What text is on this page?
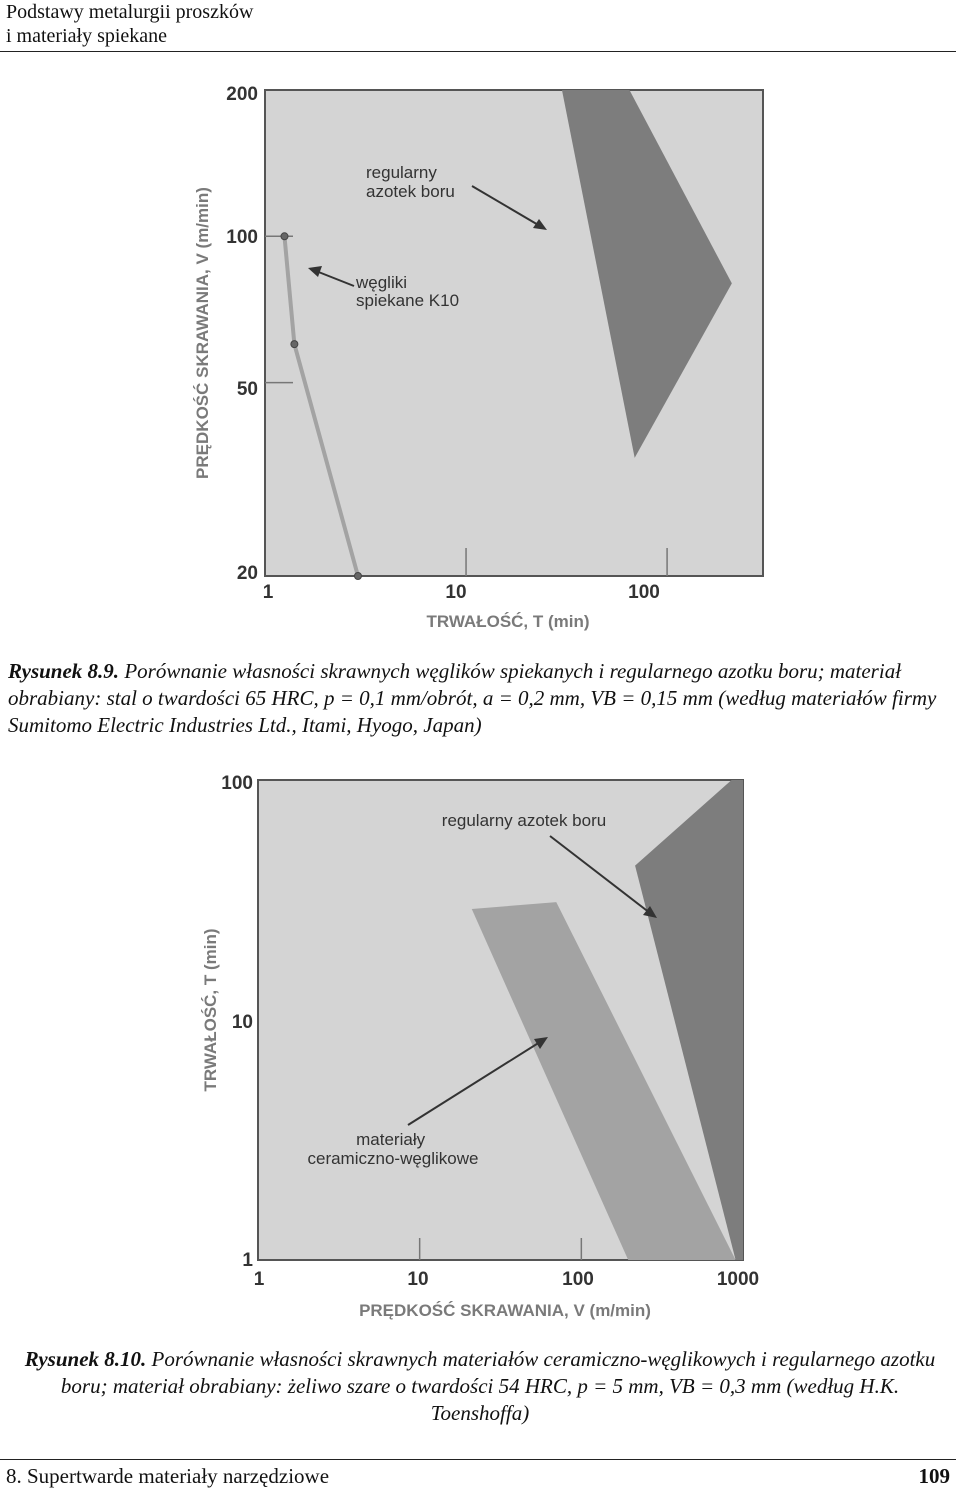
Podstawy metalurgii proszków
i materiały spiekane
200
100
50
20
1	10	100
TRWAŁOŚĆ, T (min)
PRĘDKOŚĆ SKRAWANIA, V (m/min)
regularny azotek boru
węgliki spiekane K10
Rysunek 8.9. Porównanie własności skrawnych węglików spiekanych i regularnego azotku boru; materiał obrabiany: stal o twardości 65 HRC, p = 0,1 mm/obrót, a = 0,2 mm, VB = 0,15 mm (według materiałów firmy Sumitomo Electric Industries Ltd., Itami, Hyogo, Japan)
100
10
1
1	10	100	1000
PRĘDKOŚĆ SKRAWANIA, V (m/min)
TRWAŁOŚĆ, T (min)
regularny azotek boru
materiały ceramiczno-węglikowe
Rysunek 8.10. Porównanie własności skrawnych materiałów ceramiczno-węglikowych i regularnego azotku boru; materiał obrabiany: żeliwo szare o twardości 54 HRC, p = 5 mm, VB = 0,3 mm (według H.K. Toenshoffa)
8. Supertwarde materiały narzędziowe	109
